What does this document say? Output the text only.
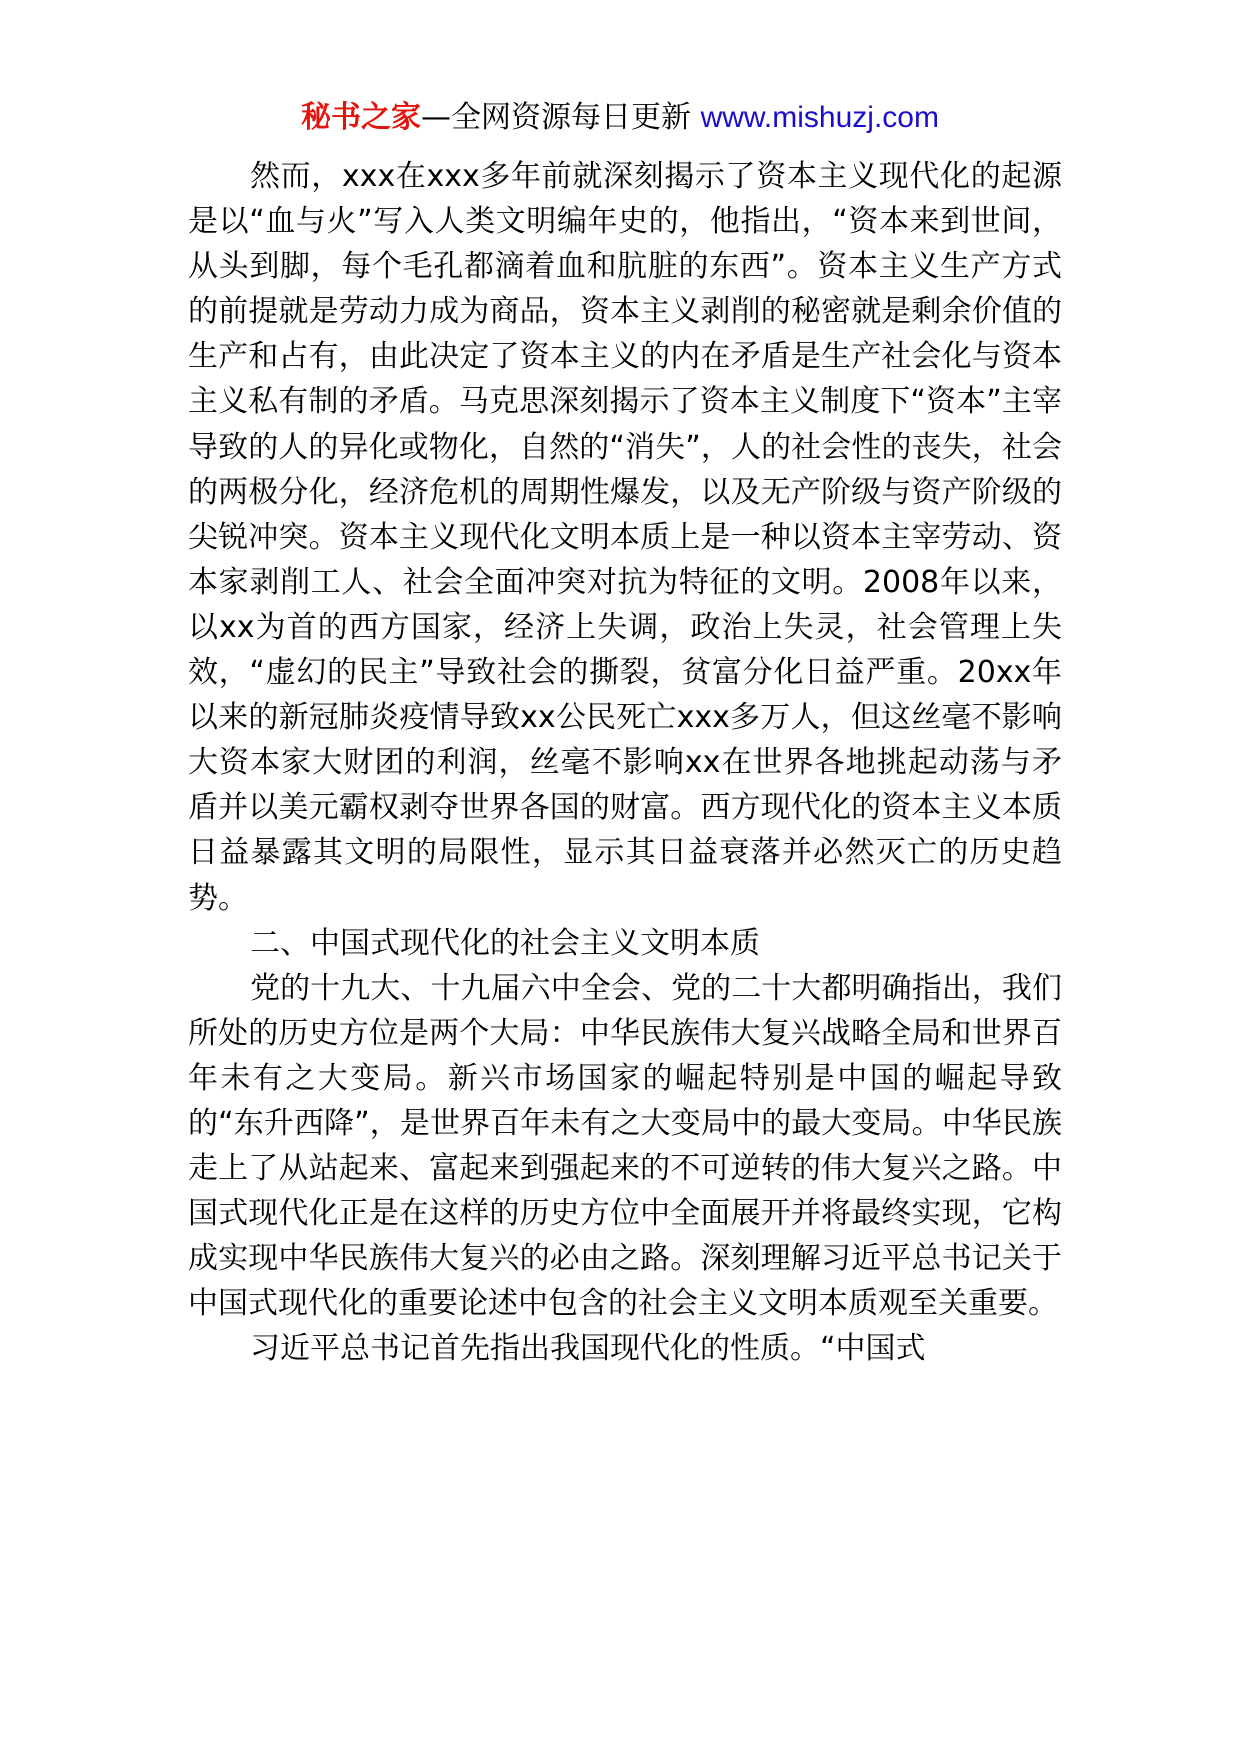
秘书之家—全网资源每日更新 www.mishuzj.com

然而，xxx在xxx多年前就深刻揭示了资本主义现代化的起源是以“血与火”写入人类文明编年史的，他指出，“资本来到世间，从头到脚，每个毛孔都滴着血和肮脏的东西”。资本主义生产方式的前提就是劳动力成为商品，资本主义剥削的秘密就是剩余价值的生产和占有，由此决定了资本主义的内在矛盾是生产社会化与资本主义私有制的矛盾。马克思深刻揭示了资本主义制度下“资本”主宰导致的人的异化或物化，自然的“消失”，人的社会性的丧失，社会的两极分化，经济危机的周期性爆发，以及无产阶级与资产阶级的尖锐冲突。资本主义现代化文明本质上是一种以资本主宰劳动、资本家剥削工人、社会全面冲突对抗为特征的文明。2008年以来，以xx为首的西方国家，经济上失调，政治上失灵，社会管理上失效，“虚幻的民主”导致社会的撕裂，贫富分化日益严重。20xx年以来的新冠肺炎疫情导致xx公民死亡xxx多万人，但这丝毫不影响大资本家大财团的利润，丝毫不影响xx在世界各地挑起动荡与矛盾并以美元霸权剥夺世界各国的财富。西方现代化的资本主义本质日益暴露其文明的局限性，显示其日益衰落并必然灭亡的历史趋势。

二、中国式现代化的社会主义文明本质

党的十九大、十九届六中全会、党的二十大都明确指出，我们所处的历史方位是两个大局：中华民族伟大复兴战略全局和世界百年未有之大变局。新兴市场国家的崛起特别是中国的崛起导致的“东升西降”，是世界百年未有之大变局中的最大变局。中华民族走上了从站起来、富起来到强起来的不可逆转的伟大复兴之路。中国式现代化正是在这样的历史方位中全面展开并将最终实现，它构成实现中华民族伟大复兴的必由之路。深刻理解习近平总书记关于中国式现代化的重要论述中包含的社会主义文明本质观至关重要。

习近平总书记首先指出我国现代化的性质。“中国式
